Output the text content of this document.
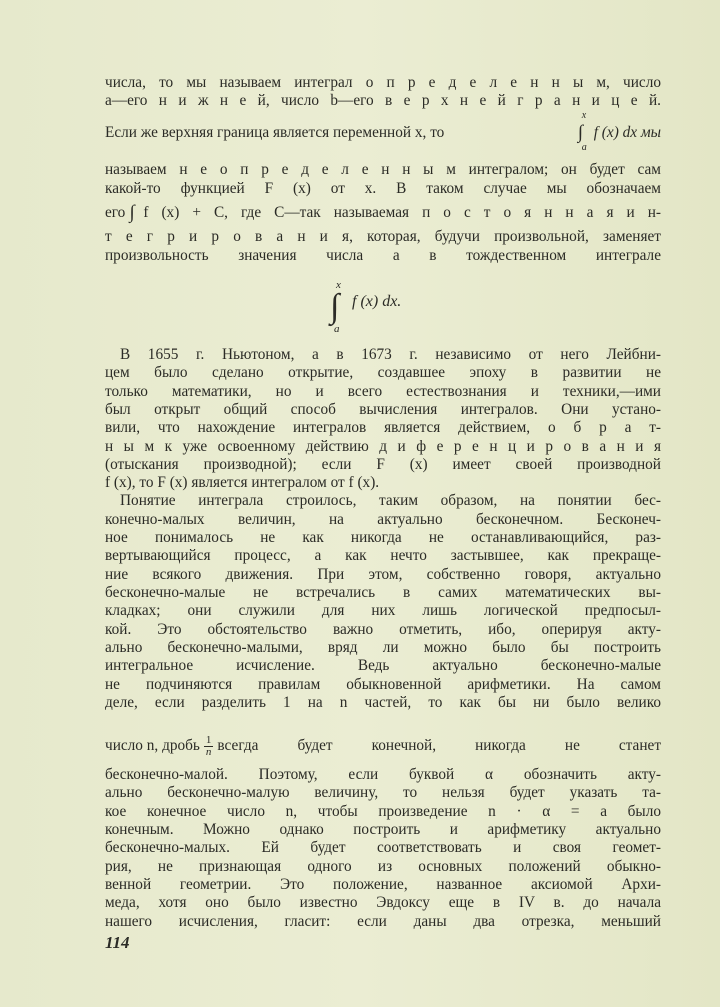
числа, то мы называем интеграл о п р е д е л е н н ы м, число
a—его н и ж н е й, число b—его в е р х н е й г р а н и ц е й.
называем н е о п р е д е л е н н ы м интегралом; он будет сам
какой-то функцией F (x) от x. В таком случае мы обозначаем
т е г р и р о в а н и я, которая, будучи произвольной, заменяет
произвольность значения числа a в тождественном интеграле
В 1655 г. Ньютоном, а в 1673 г. независимо от него Лейбни-
цем было сделано открытие, создавшее эпоху в развитии не
только математики, но и всего естествознания и техники,—ими
был открыт общий способ вычисления интегралов. Они устано-
вили, что нахождение интегралов является действием, о б р а т-
н ы м к уже освоенному действию д и ф е р е н ц и р о в а н и я
(отыскания производной); если F (x) имеет своей производной
f (x), то F (x) является интегралом от f (x).
Понятие интеграла строилось, таким образом, на понятии бес-
конечно-малых величин, на актуально бесконечном. Бесконеч-
ное понималось не как никогда не останавливающийся, раз-
вертывающийся процесс, а как нечто застывшее, как прекраще-
ние всякого движения. При этом, собственно говоря, актуально
бесконечно-малые не встречались в самих математических вы-
кладках; они служили для них лишь логической предпосыл-
кой. Это обстоятельство важно отметить, ибо, оперируя акту-
ально бесконечно-малыми, вряд ли можно было бы построить
интегральное исчисление. Ведь актуально бесконечно-малые
не подчиняются правилам обыкновенной арифметики. На самом
деле, если разделить 1 на n частей, то как бы ни было велико
бесконечно-малой. Поэтому, если буквой α обозначить акту-
ально бесконечно-малую величину, то нельзя будет указать та-
кое конечное число n, чтобы произведение n · α = a было
конечным. Можно однако построить и арифметику актуально
бесконечно-малых. Ей будет соответствовать и своя геомет-
рия, не признающая одного из основных положений обыкно-
венной геометрии. Это положение, названное аксиомой Архи-
меда, хотя оно было известно Эвдоксу еще в IV в. до начала
нашего исчисления, гласит: если даны два отрезка, меньший
Если же верхняя граница является переменной x, то	∫
x
a
f (x) dx мы
его ∫ f (x) + C, где C—так называемая п о с т о я н н а я и н-
x
∫
a
f (x) dx.
число n, дробь $\frac{1}{n}$ всегда будет конечной, никогда не станет
114
